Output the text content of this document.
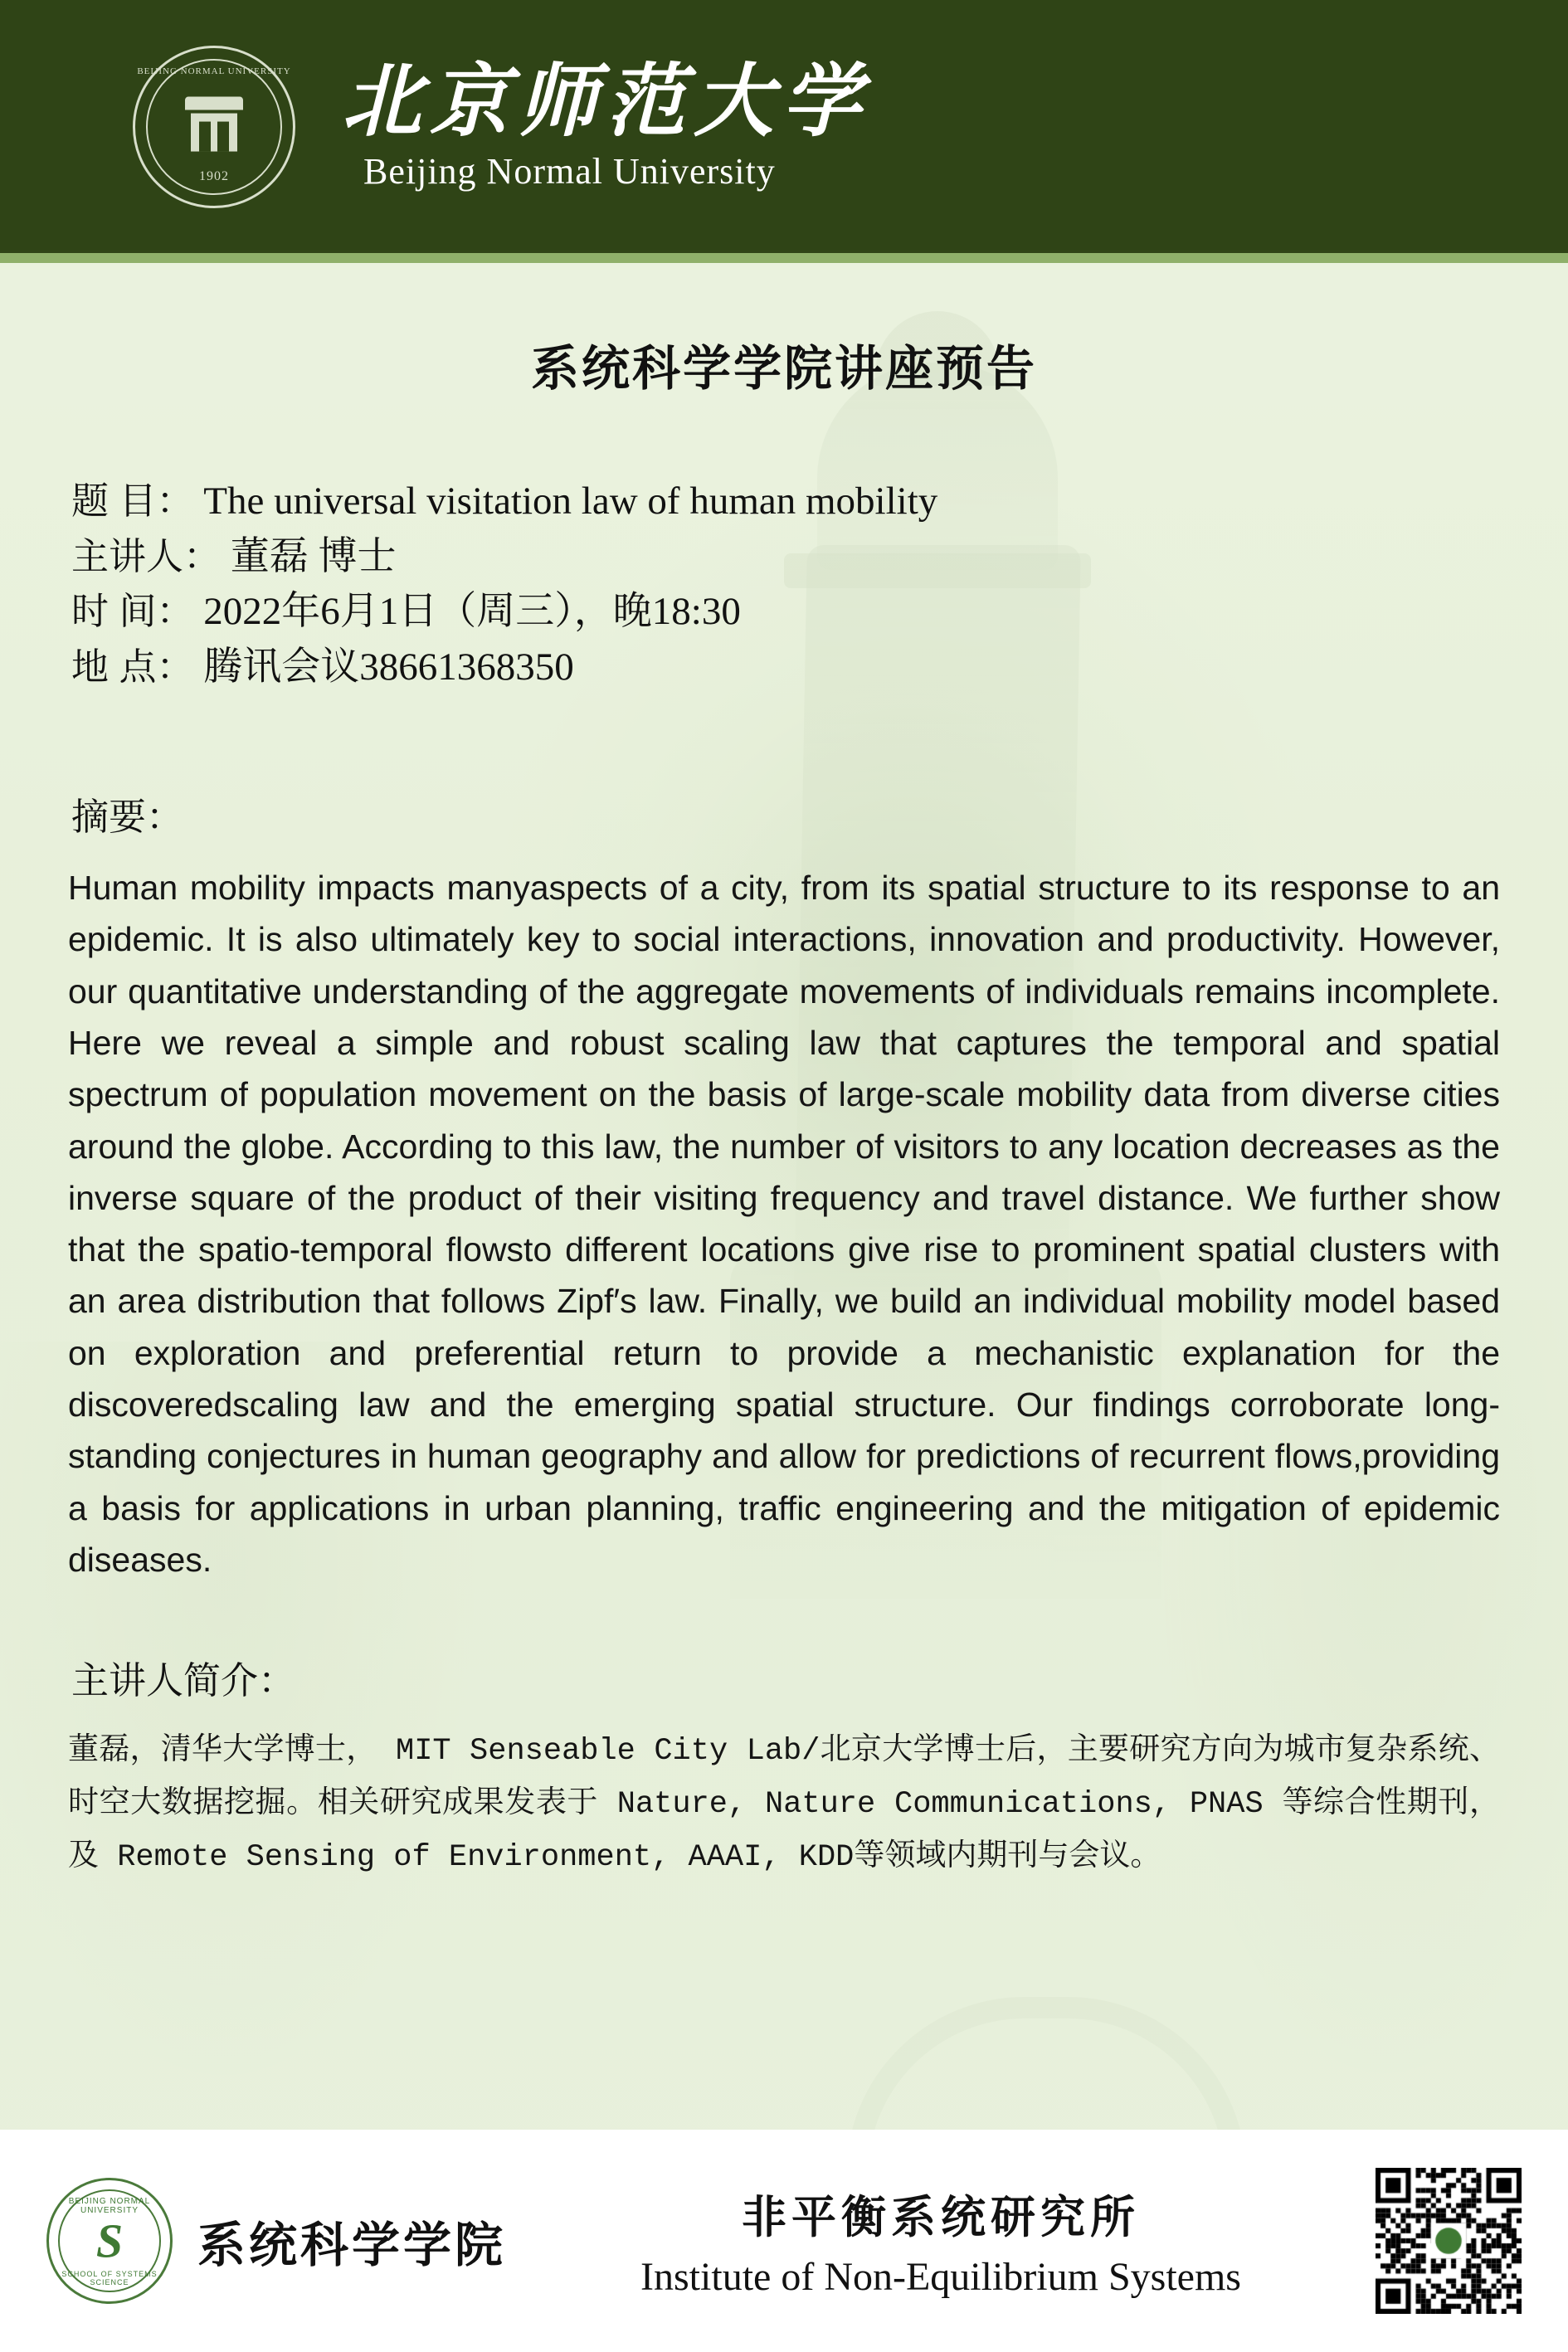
BEIJING NORMAL UNIVERSITY
1902
北京师范大学
Beijing Normal University
系统科学学院讲座预告
题 目： The universal visitation law of human mobility
主讲人： 董磊 博士
时 间： 2022年6月1日（周三），晚18:30
地 点： 腾讯会议38661368350
摘要：
Human mobility impacts manyaspects of a city, from its spatial structure to its response to an epidemic. It is also ultimately key to social interactions, innovation and productivity. However, our quantitative understanding of the aggregate movements of individuals remains incomplete. Here we reveal a simple and robust scaling law that captures the temporal and spatial spectrum of population movement on the basis of large-scale mobility data from diverse cities around the globe. According to this law, the number of visitors to any location decreases as the inverse square of the product of their visiting frequency and travel distance. We further show that the spatio-temporal flowsto different locations give rise to prominent spatial clusters with an area distribution that follows Zipf′s law. Finally, we build an individual mobility model based on exploration and preferential return to provide a mechanistic explanation for the discoveredscaling law and the emerging spatial structure. Our findings corroborate long-standing conjectures in human geography and allow for predictions of recurrent flows,providing a basis for applications in urban planning, traffic engineering and the mitigation of epidemic diseases.
主讲人简介：
董磊，清华大学博士， MIT Senseable City Lab/北京大学博士后，主要研究方向为城市复杂系统、时空大数据挖掘。相关研究成果发表于 Nature, Nature Communications, PNAS 等综合性期刊，及 Remote Sensing of Environment, AAAI, KDD等领域内期刊与会议。
BEIJING NORMAL UNIVERSITY
S
SCHOOL OF SYSTEMS SCIENCE
系统科学学院
非平衡系统研究所
Institute of Non-Equilibrium Systems
